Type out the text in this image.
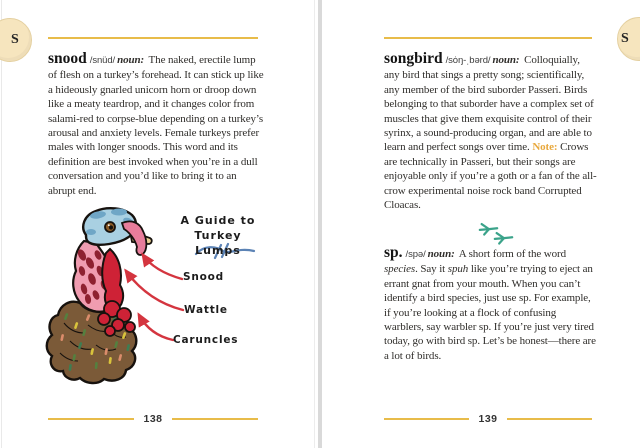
S	S

snood /snüd/ noun: The naked, erectile lump of flesh on a turkey’s forehead. It can stick up like a hideously gnarled unicorn horn or droop down like a meaty teardrop, and it changes color from salami-red to corpse-blue depending on a turkey’s arousal and anxiety levels. Female turkeys prefer males with longer snoods. This word and its definition are best invoked when you’re in a dull conversation and you’d like to bring it to an abrupt end.

A Guide to
Turkey Lumps
Snood
Wattle
Caruncles

songbird /sȯŋ-ˌbərd/ noun: Colloquially, any bird that sings a pretty song; scientifically, any member of the bird suborder Passeri. Birds belonging to that suborder have a complex set of muscles that give them exquisite control of their syrinx, a sound-producing organ, and are able to learn and perfect songs over time. Note: Crows are technically in Passeri, but their songs are enjoyable only if you’re a goth or a fan of the all-crow experimental noise rock band Corrupted Cloacas.

sp. /spə/ noun: A short form of the word species. Say it spuh like you’re trying to eject an errant gnat from your mouth. When you can’t identify a bird species, just use sp. For example, if you’re looking at a flock of confusing warblers, say warbler sp. If you’re just very tired today, go with bird sp. Let’s be honest—there are a lot of birds.

138	139
